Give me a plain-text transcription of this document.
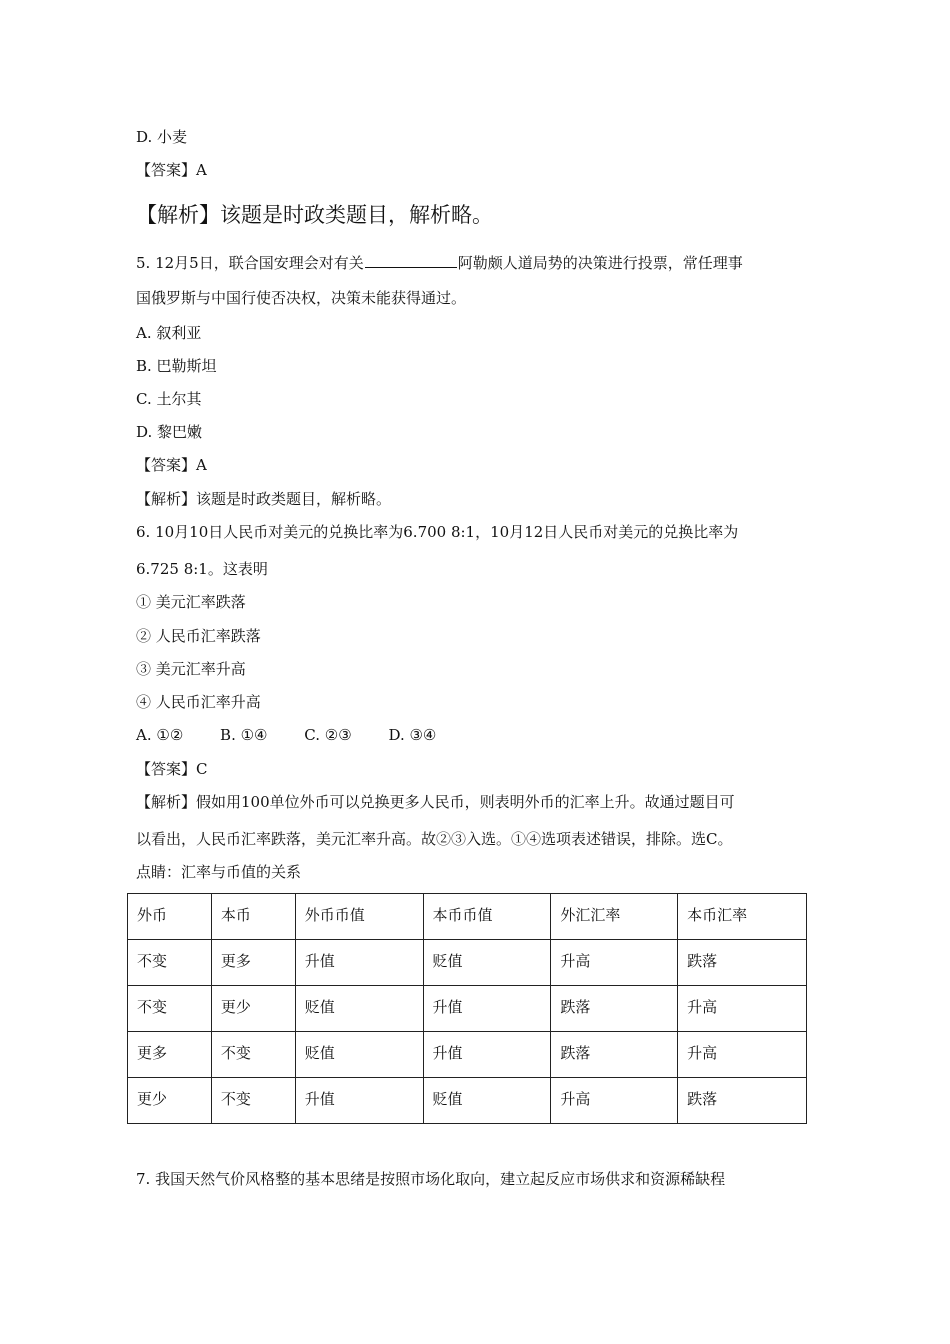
D. 小麦
【答案】A
【解析】该题是时政类题目，解析略。
5. 12月5日，联合国安理会对有关	阿勒颇人道局势的决策进行投票，常任理事
国俄罗斯与中国行使否决权，决策未能获得通过。
A. 叙利亚
B. 巴勒斯坦
C. 土尔其
D. 黎巴嫩
【答案】A
【解析】该题是时政类题目，解析略。
6. 10月10日人民币对美元的兑换比率为6.700 8:1，10月12日人民币对美元的兑换比率为
6.725 8:1。这表明
① 美元汇率跌落
② 人民币汇率跌落
③ 美元汇率升高
④ 人民币汇率升高
A. ①② B. ①④ C. ②③ D. ③④
【答案】C
【解析】假如用100单位外币可以兑换更多人民币，则表明外币的汇率上升。故通过题目可
以看出，人民币汇率跌落，美元汇率升高。故②③入选。①④选项表述错误，排除。选C。
点睛：汇率与币值的关系
外币	本币	外币币值	本币币值	外汇汇率	本币汇率
不变	更多	升值	贬值	升高	跌落
不变	更少	贬值	升值	跌落	升高
更多	不变	贬值	升值	跌落	升高
更少	不变	升值	贬值	升高	跌落
7. 我国天然气价风格整的基本思绪是按照市场化取向，建立起反应市场供求和资源稀缺程
